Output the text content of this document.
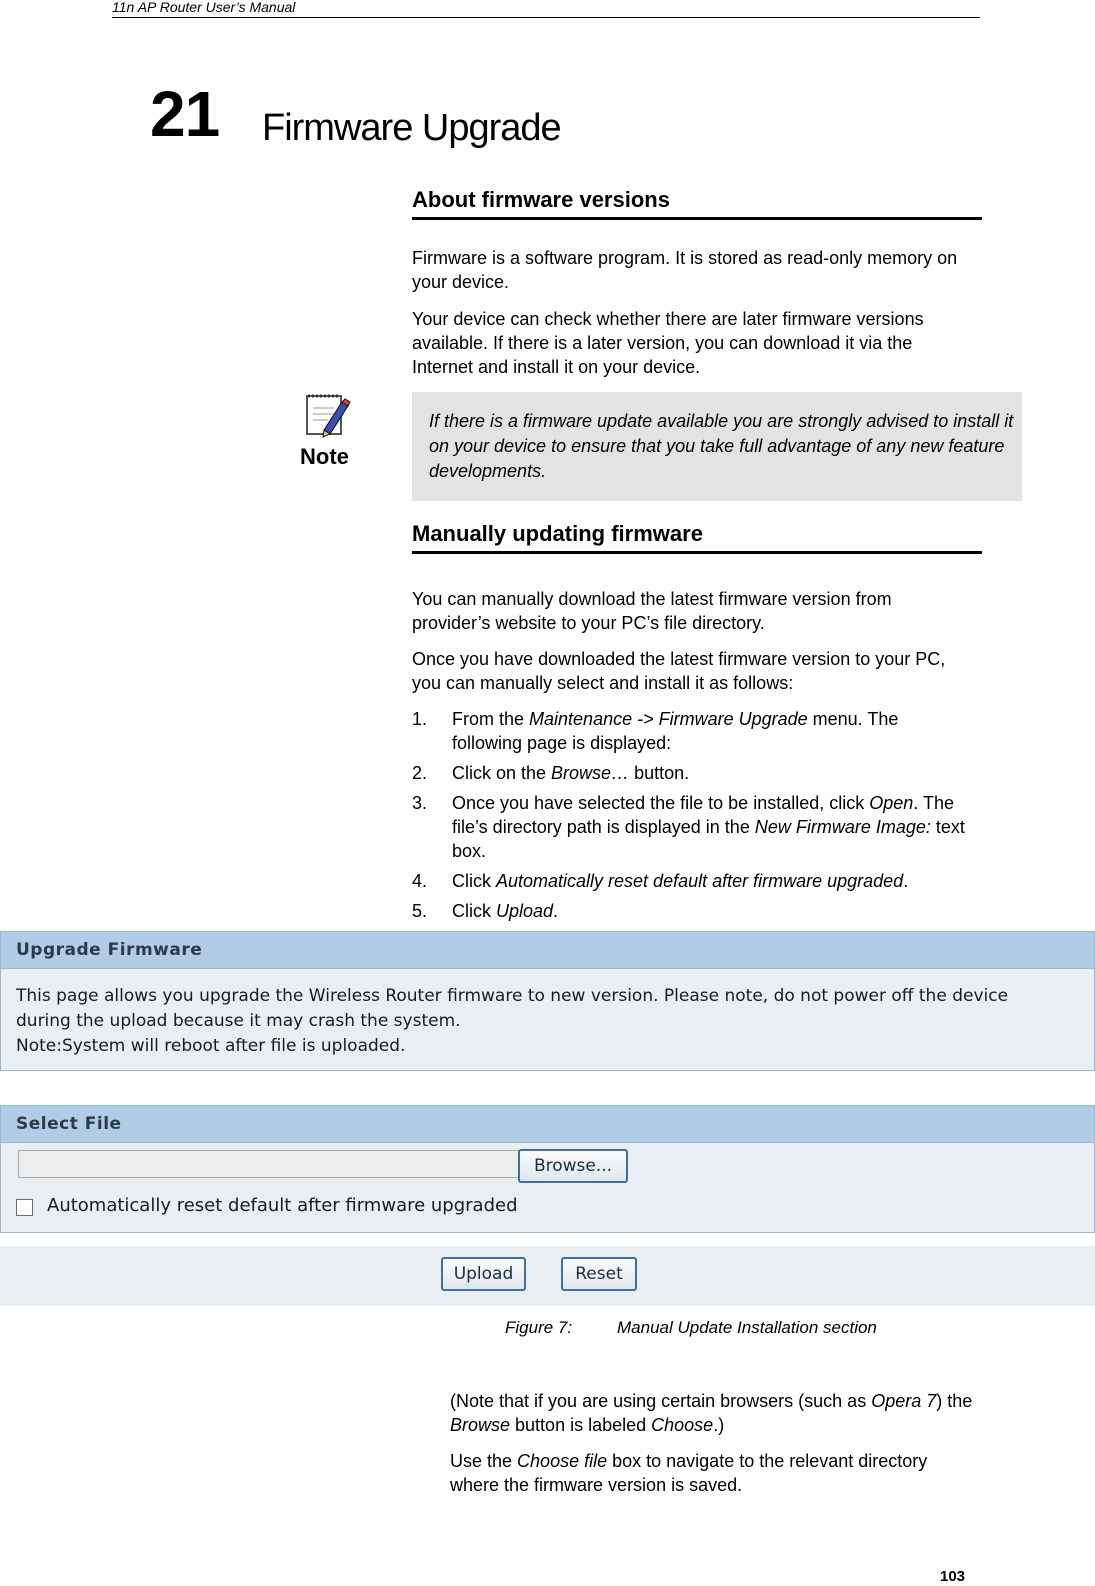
11n AP Router User’s Manual
21 Firmware Upgrade
About firmware versions
Firmware is a software program. It is stored as read-only memory on your device.
Your device can check whether there are later firmware versions available. If there is a later version, you can download it via the Internet and install it on your device.
Note
If there is a firmware update available you are strongly advised to install it on your device to ensure that you take full advantage of any new feature developments.
Manually updating firmware
You can manually download the latest firmware version from provider’s website to your PC’s file directory.
Once you have downloaded the latest firmware version to your PC, you can manually select and install it as follows:
1. From the Maintenance -> Firmware Upgrade menu. The following page is displayed:
2. Click on the Browse… button.
3. Once you have selected the file to be installed, click Open. The file’s directory path is displayed in the New Firmware Image: text box.
4. Click Automatically reset default after firmware upgraded.
5. Click Upload.
Upgrade Firmware
This page allows you upgrade the Wireless Router firmware to new version. Please note, do not power off the device
during the upload because it may crash the system.
Note:System will reboot after file is uploaded.
Select File
Browse...
Automatically reset default after firmware upgraded
Upload	Reset
Figure 7:	Manual Update Installation section
(Note that if you are using certain browsers (such as Opera 7) the Browse button is labeled Choose.)
Use the Choose file box to navigate to the relevant directory where the firmware version is saved.
103
